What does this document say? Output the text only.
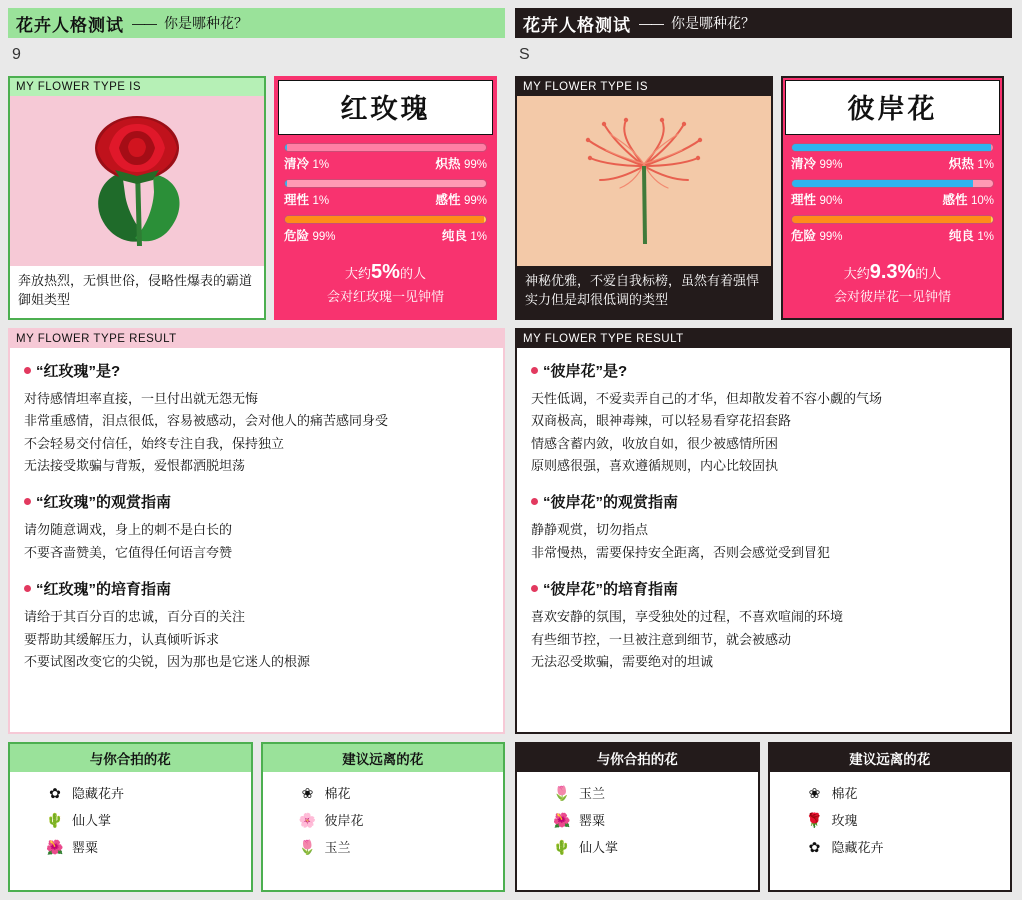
花卉人格测试 —— 你是哪种花？
9
MY FLOWER TYPE IS
奔放热烈，无惧世俗，侵略性爆表的霸道御姐类型
红玫瑰
清冷 1%	炽热 99%
理性 1%	感性 99%
危险 99%	纯良 1%
大约5%的人
会对红玫瑰一见钟情
MY FLOWER TYPE RESULT
“红玫瑰”是?

对待感情坦率直接，一旦付出就无怨无悔

非常重感情，泪点很低，容易被感动，会对他人的痛苦感同身受

不会轻易交付信任，始终专注自我，保持独立

无法接受欺骗与背叛，爱恨都洒脱坦荡

“红玫瑰”的观赏指南

请勿随意调戏，身上的刺不是白长的

不要吝啬赞美，它值得任何语言夸赞

“红玫瑰”的培育指南

请给于其百分百的忠诚，百分百的关注

要帮助其缓解压力，认真倾听诉求

不要试图改变它的尖锐，因为那也是它迷人的根源

与你合拍的花
✿ 隐藏花卉
🌵 仙人掌
🌺 罂粟
建议远离的花
❀ 棉花
🌸 彼岸花
🌷 玉兰
花卉人格测试 —— 你是哪种花？
S
MY FLOWER TYPE IS
神秘优雅，不爱自我标榜，虽然有着强悍实力但是却很低调的类型
彼岸花
清冷 99%	炽热 1%
理性 90%	感性 10%
危险 99%	纯良 1%
大约9.3%的人
会对彼岸花一见钟情
MY FLOWER TYPE RESULT
“彼岸花”是?

天性低调，不爱卖弄自己的才华，但却散发着不容小觑的气场

双商极高，眼神毒辣，可以轻易看穿花招套路

情感含蓄内敛，收放自如，很少被感情所困

原则感很强，喜欢遵循规则，内心比较固执

“彼岸花”的观赏指南

静静观赏，切勿指点

非常慢热，需要保持安全距离，否则会感觉受到冒犯

“彼岸花”的培育指南

喜欢安静的氛围，享受独处的过程，不喜欢喧闹的环境

有些细节控，一旦被注意到细节，就会被感动

无法忍受欺骗，需要绝对的坦诚

与你合拍的花
🌷 玉兰
🌺 罂粟
🌵 仙人掌
建议远离的花
❀ 棉花
🌹 玫瑰
✿ 隐藏花卉
